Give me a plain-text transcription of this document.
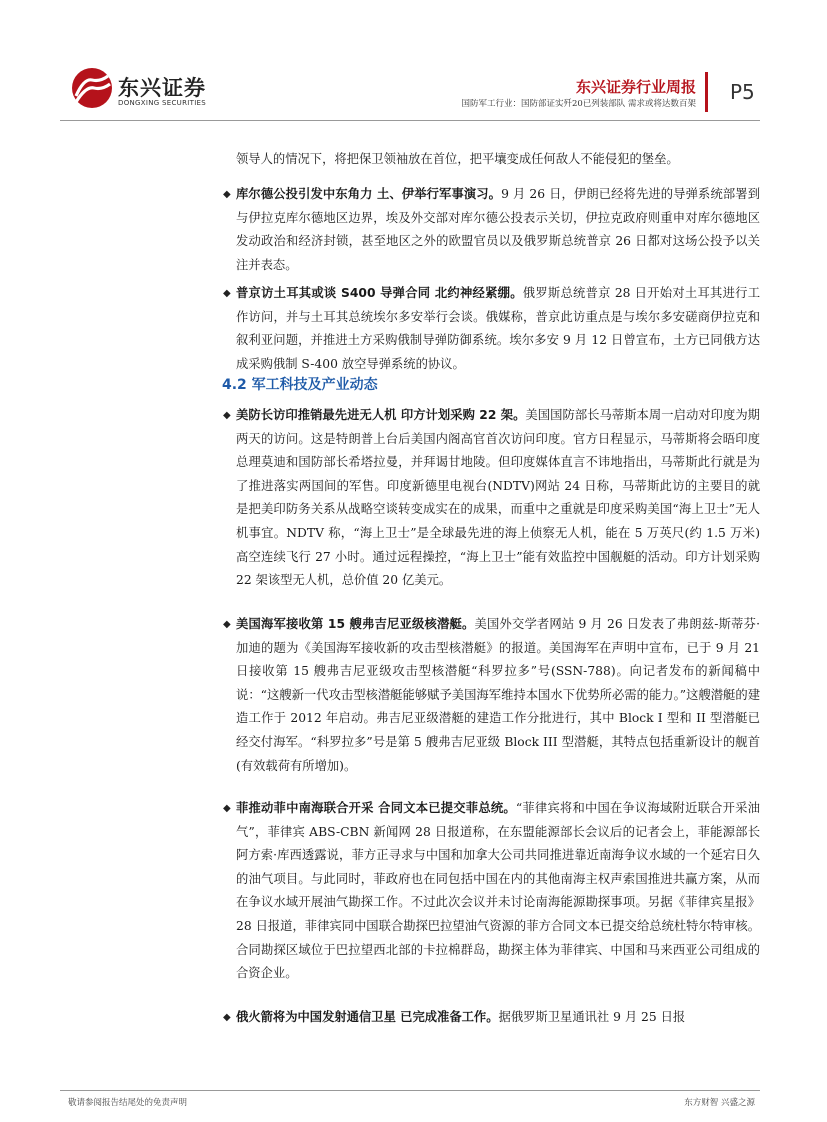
东兴证券
DONGXING SECURITIES
东兴证券行业周报
国防军工行业：国防部证实歼20已列装部队 需求或将达数百架 P5
领导人的情况下，将把保卫领袖放在首位，把平壤变成任何敌人不能侵犯的堡垒。
◆ 库尔德公投引发中东角力 土、伊举行军事演习。9 月 26 日，伊朗已经将先进的导弹系统部署到与伊拉克库尔德地区边界，埃及外交部对库尔德公投表示关切，伊拉克政府则重申对库尔德地区发动政治和经济封锁，甚至地区之外的欧盟官员以及俄罗斯总统普京 26 日都对这场公投予以关注并表态。
◆ 普京访土耳其或谈 S400 导弹合同 北约神经紧绷。俄罗斯总统普京 28 日开始对土耳其进行工作访问，并与土耳其总统埃尔多安举行会谈。俄媒称，普京此访重点是与埃尔多安磋商伊拉克和叙利亚问题，并推进土方采购俄制导弹防御系统。埃尔多安 9 月 12 日曾宣布，土方已同俄方达成采购俄制 S-400 放空导弹系统的协议。
4.2 军工科技及产业动态
◆ 美防长访印推销最先进无人机 印方计划采购 22 架。美国国防部长马蒂斯本周一启动对印度为期两天的访问。这是特朗普上台后美国内阁高官首次访问印度。官方日程显示，马蒂斯将会晤印度总理莫迪和国防部长希塔拉曼，并拜谒甘地陵。但印度媒体直言不讳地指出，马蒂斯此行就是为了推进落实两国间的军售。印度新德里电视台(NDTV)网站 24 日称，马蒂斯此访的主要目的就是把美印防务关系从战略空谈转变成实在的成果，而重中之重就是印度采购美国“海上卫士”无人机事宜。NDTV 称，“海上卫士”是全球最先进的海上侦察无人机，能在 5 万英尺(约 1.5 万米)高空连续飞行 27 小时。通过远程操控，“海上卫士”能有效监控中国舰艇的活动。印方计划采购 22 架该型无人机，总价值 20 亿美元。
◆ 美国海军接收第 15 艘弗吉尼亚级核潜艇。美国外交学者网站 9 月 26 日发表了弗朗兹-斯蒂芬·加迪的题为《美国海军接收新的攻击型核潜艇》的报道。美国海军在声明中宣布，已于 9 月 21 日接收第 15 艘弗吉尼亚级攻击型核潜艇“科罗拉多”号(SSN-788)。向记者发布的新闻稿中说：“这艘新一代攻击型核潜艇能够赋予美国海军维持本国水下优势所必需的能力。”这艘潜艇的建造工作于 2012 年启动。弗吉尼亚级潜艇的建造工作分批进行，其中 Block I 型和 II 型潜艇已经交付海军。“科罗拉多”号是第 5 艘弗吉尼亚级 Block III 型潜艇，其特点包括重新设计的舰首(有效载荷有所增加)。
◆ 菲推动菲中南海联合开采 合同文本已提交菲总统。“菲律宾将和中国在争议海域附近联合开采油气”，菲律宾 ABS-CBN 新闻网 28 日报道称，在东盟能源部长会议后的记者会上，菲能源部长阿方索·库西透露说，菲方正寻求与中国和加拿大公司共同推进靠近南海争议水域的一个延宕日久的油气项目。与此同时，菲政府也在同包括中国在内的其他南海主权声索国推进共赢方案，从而在争议水域开展油气勘探工作。不过此次会议并未讨论南海能源勘探事项。另据《菲律宾星报》28 日报道，菲律宾同中国联合勘探巴拉望油气资源的菲方合同文本已提交给总统杜特尔特审核。合同勘探区域位于巴拉望西北部的卡拉棉群岛，勘探主体为菲律宾、中国和马来西亚公司组成的合资企业。
◆ 俄火箭将为中国发射通信卫星 已完成准备工作。据俄罗斯卫星通讯社 9 月 25 日报
敬请参阅报告结尾处的免责声明	东方财智 兴盛之源
